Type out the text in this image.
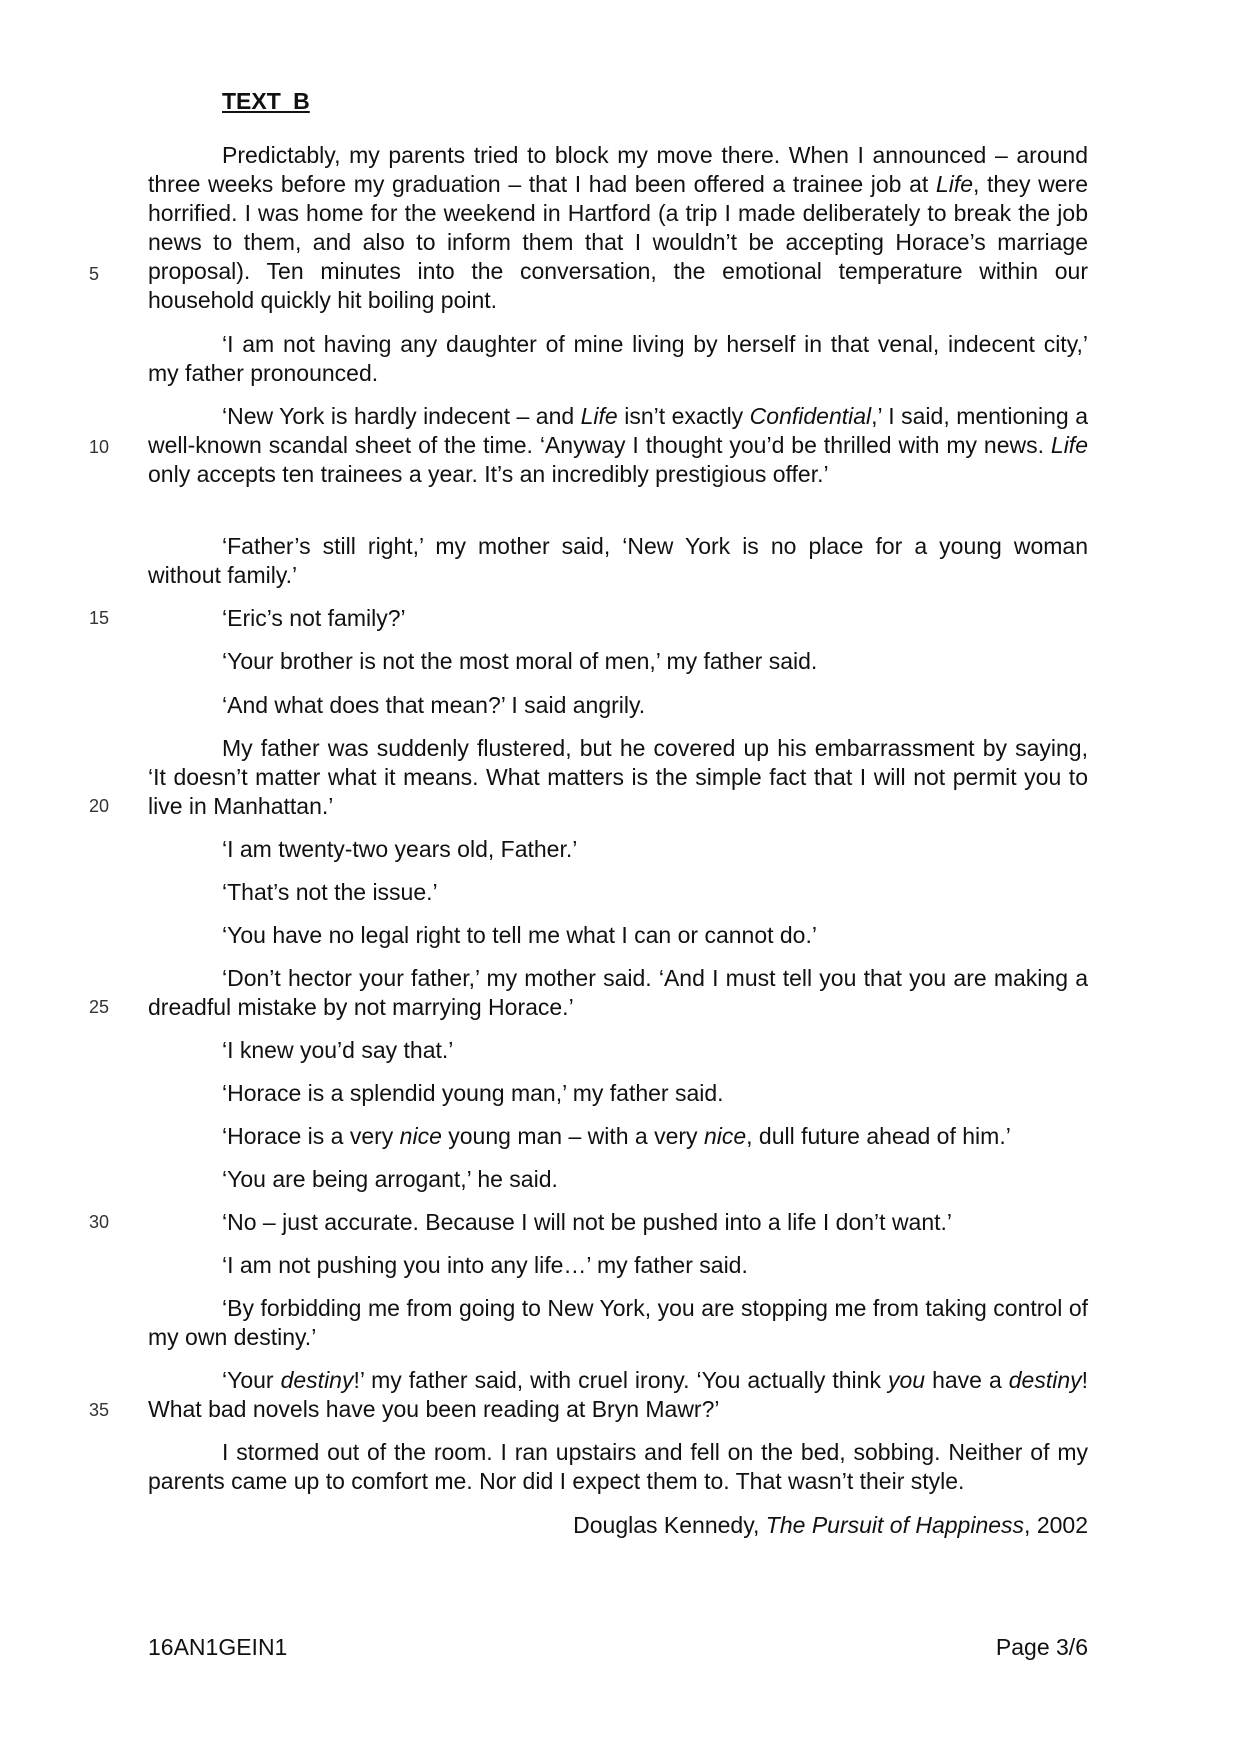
TEXT B

Predictably, my parents tried to block my move there. When I announced – around three weeks before my graduation – that I had been offered a trainee job at Life, they were horrified. I was home for the weekend in Hartford (a trip I made deliberately to break the job news to them, and also to inform them that I wouldn’t be accepting Horace’s marriage proposal). Ten minutes into the conversation, the emotional temperature within our household quickly hit boiling point.

‘I am not having any daughter of mine living by herself in that venal, indecent city,’ my father pronounced.

‘New York is hardly indecent – and Life isn’t exactly Confidential,’ I said, mentioning a well-known scandal sheet of the time. ‘Anyway I thought you’d be thrilled with my news. Life only accepts ten trainees a year. It’s an incredibly prestigious offer.’

‘Father’s still right,’ my mother said, ‘New York is no place for a young woman without family.’

‘Eric’s not family?’

‘Your brother is not the most moral of men,’ my father said.

‘And what does that mean?’ I said angrily.

My father was suddenly flustered, but he covered up his embarrassment by saying, ‘It doesn’t matter what it means. What matters is the simple fact that I will not permit you to live in Manhattan.’

‘I am twenty-two years old, Father.’

‘That’s not the issue.’

‘You have no legal right to tell me what I can or cannot do.’

‘Don’t hector your father,’ my mother said. ‘And I must tell you that you are making a dreadful mistake by not marrying Horace.’

‘I knew you’d say that.’

‘Horace is a splendid young man,’ my father said.

‘Horace is a very nice young man – with a very nice, dull future ahead of him.’

‘You are being arrogant,’ he said.

‘No – just accurate. Because I will not be pushed into a life I don’t want.’

‘I am not pushing you into any life…’ my father said.

‘By forbidding me from going to New York, you are stopping me from taking control of my own destiny.’

‘Your destiny!’ my father said, with cruel irony. ‘You actually think you have a destiny! What bad novels have you been reading at Bryn Mawr?’

I stormed out of the room. I ran upstairs and fell on the bed, sobbing. Neither of my parents came up to comfort me. Nor did I expect them to. That wasn’t their style.

5
10
15
20
25
30
35
Douglas Kennedy, The Pursuit of Happiness, 2002
16AN1GEIN1	Page 3/6
